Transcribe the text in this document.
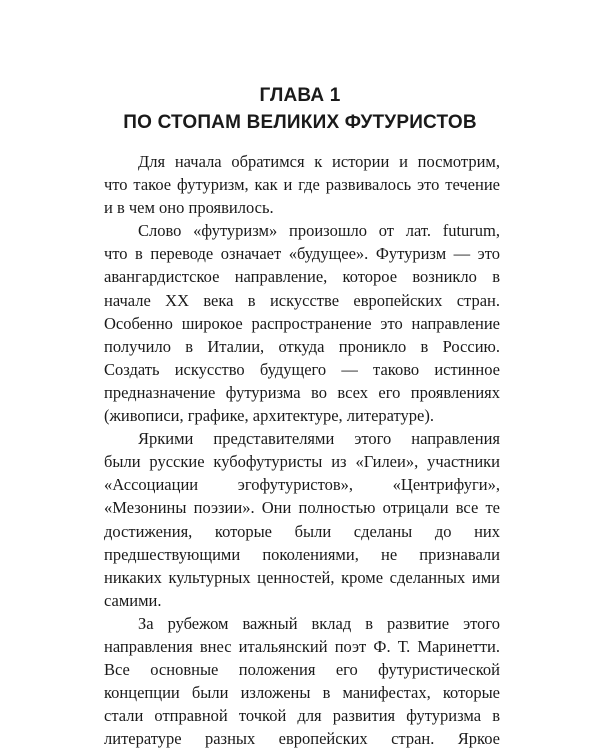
ГЛАВА 1
ПО СТОПАМ ВЕЛИКИХ ФУТУРИСТОВ
Для начала обратимся к истории и посмотрим,
что такое футуризм, как и где развивалось это течение
и в чем оно проявилось.
Слово «футуризм» произошло от лат. futurum,
что в переводе означает «будущее». Футуризм — это
авангардистское направление, которое возникло в
начале XX века в искусстве европейских стран.
Особенно широкое распространение это направление
получило в Италии, откуда проникло в Россию.
Создать искусство будущего — таково истинное
предназначение футуризма во всех его проявлениях
(живописи, графике, архитектуре, литературе).
Яркими представителями этого направления
были русские кубофутуристы из «Гилеи», участники
«Ассоциации эгофутуристов», «Центрифуги»,
«Мезонины поэзии». Они полностью отрицали все те
достижения, которые были сделаны до них
предшествующими поколениями, не признавали
никаких культурных ценностей, кроме сделанных ими
самими.
За рубежом важный вклад в развитие этого
направления внес итальянский поэт Ф. Т. Маринетти.
Все основные положения его футуристической
концепции были изложены в манифестах, которые
стали отправной точкой для развития футуризма в
литературе разных европейских стран. Яркое
